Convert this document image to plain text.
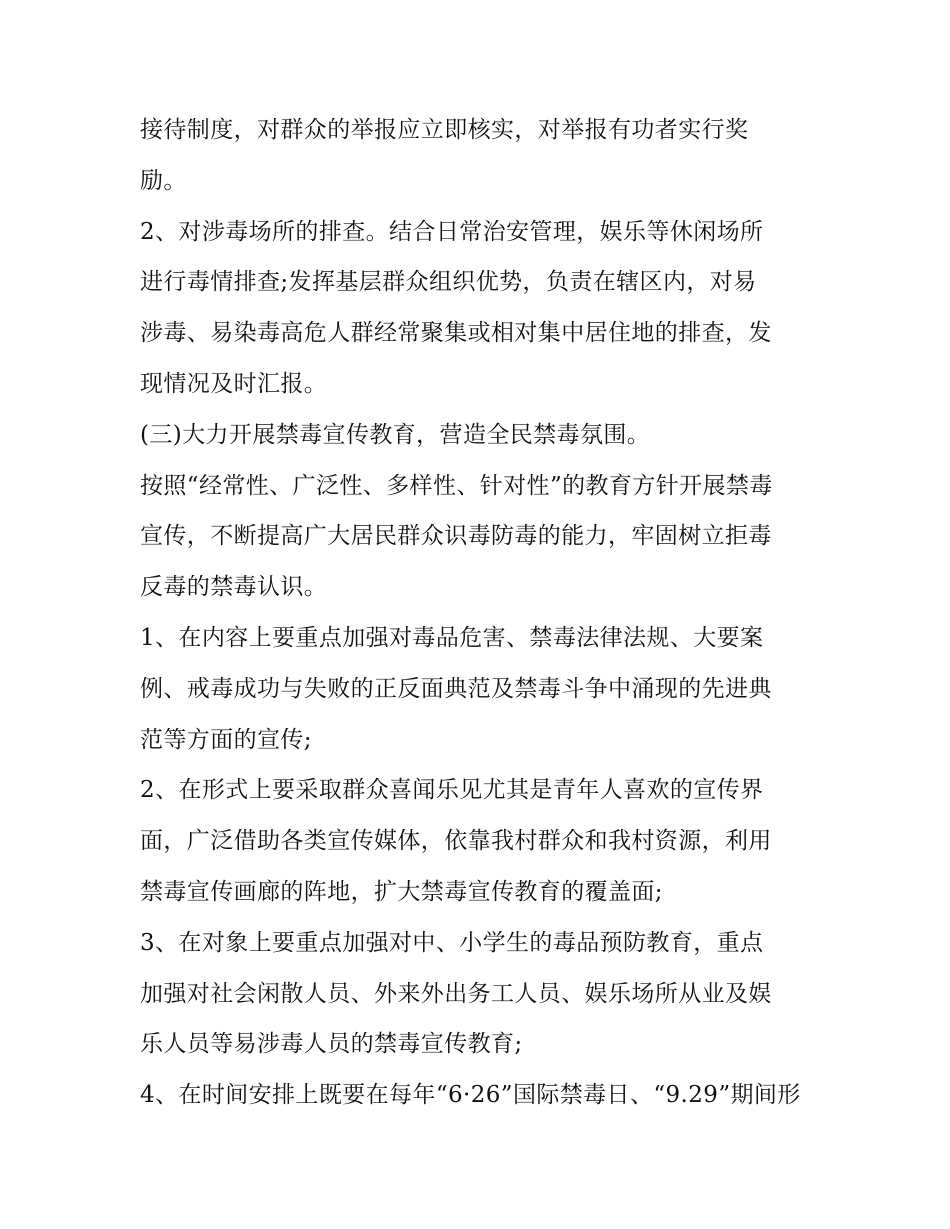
接待制度，对群众的举报应立即核实，对举报有功者实行奖
励。
2、对涉毒场所的排查。结合日常治安管理，娱乐等休闲场所
进行毒情排查;发挥基层群众组织优势，负责在辖区内，对易
涉毒、易染毒高危人群经常聚集或相对集中居住地的排查，发
现情况及时汇报。
(三)大力开展禁毒宣传教育，营造全民禁毒氛围。
按照“经常性、广泛性、多样性、针对性”的教育方针开展禁毒
宣传，不断提高广大居民群众识毒防毒的能力，牢固树立拒毒
反毒的禁毒认识。
1、在内容上要重点加强对毒品危害、禁毒法律法规、大要案
例、戒毒成功与失败的正反面典范及禁毒斗争中涌现的先进典
范等方面的宣传;
2、在形式上要采取群众喜闻乐见尤其是青年人喜欢的宣传界
面，广泛借助各类宣传媒体，依靠我村群众和我村资源，利用
禁毒宣传画廊的阵地，扩大禁毒宣传教育的覆盖面;
3、在对象上要重点加强对中、小学生的毒品预防教育，重点
加强对社会闲散人员、外来外出务工人员、娱乐场所从业及娱
乐人员等易涉毒人员的禁毒宣传教育;
4、在时间安排上既要在每年“6·26”国际禁毒日、“9.29”期间形
